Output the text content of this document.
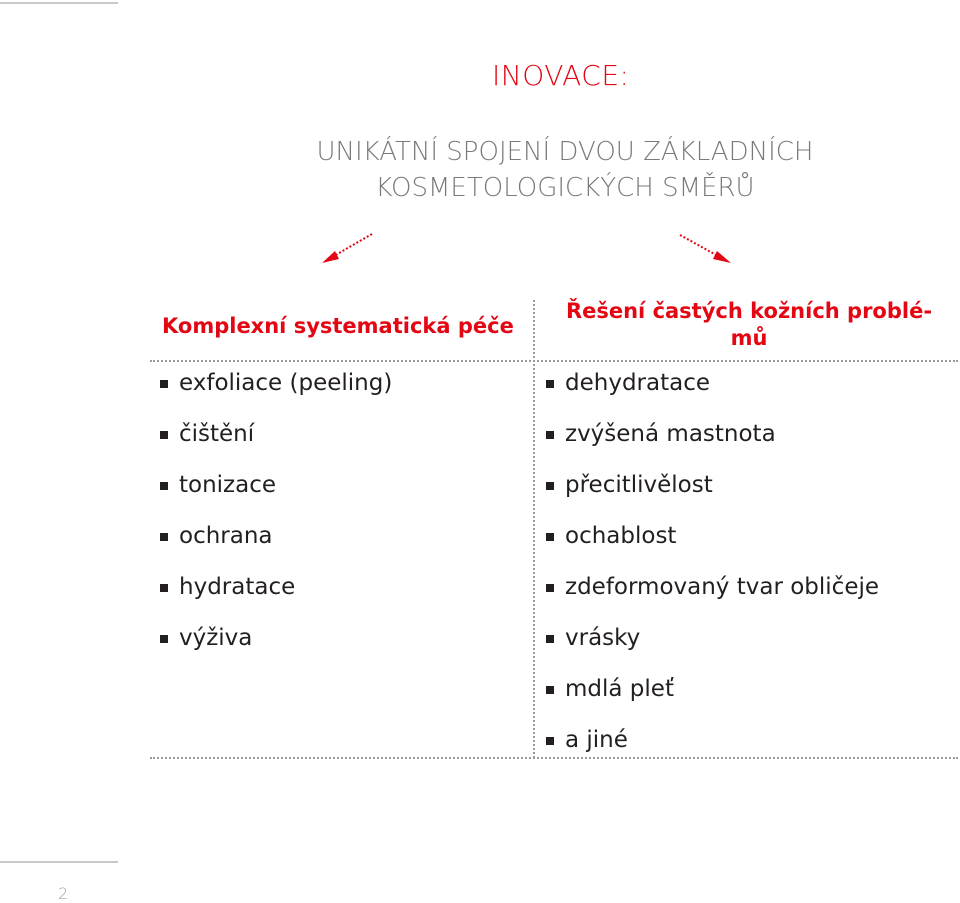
INOVACE:
UNIKÁTNÍ SPOJENÍ DVOU ZÁKLADNÍCH
KOSMETOLOGICKÝCH SMĚRŮ
Komplexní systematická péče
Řešení častých kožních problé-
mů
exfoliace (peeling)
čištění
tonizace
ochrana
hydratace
výživa
dehydratace
zvýšená mastnota
přecitlivělost
ochablost
zdeformovaný tvar obličeje
vrásky
mdlá pleť
a jiné
2
